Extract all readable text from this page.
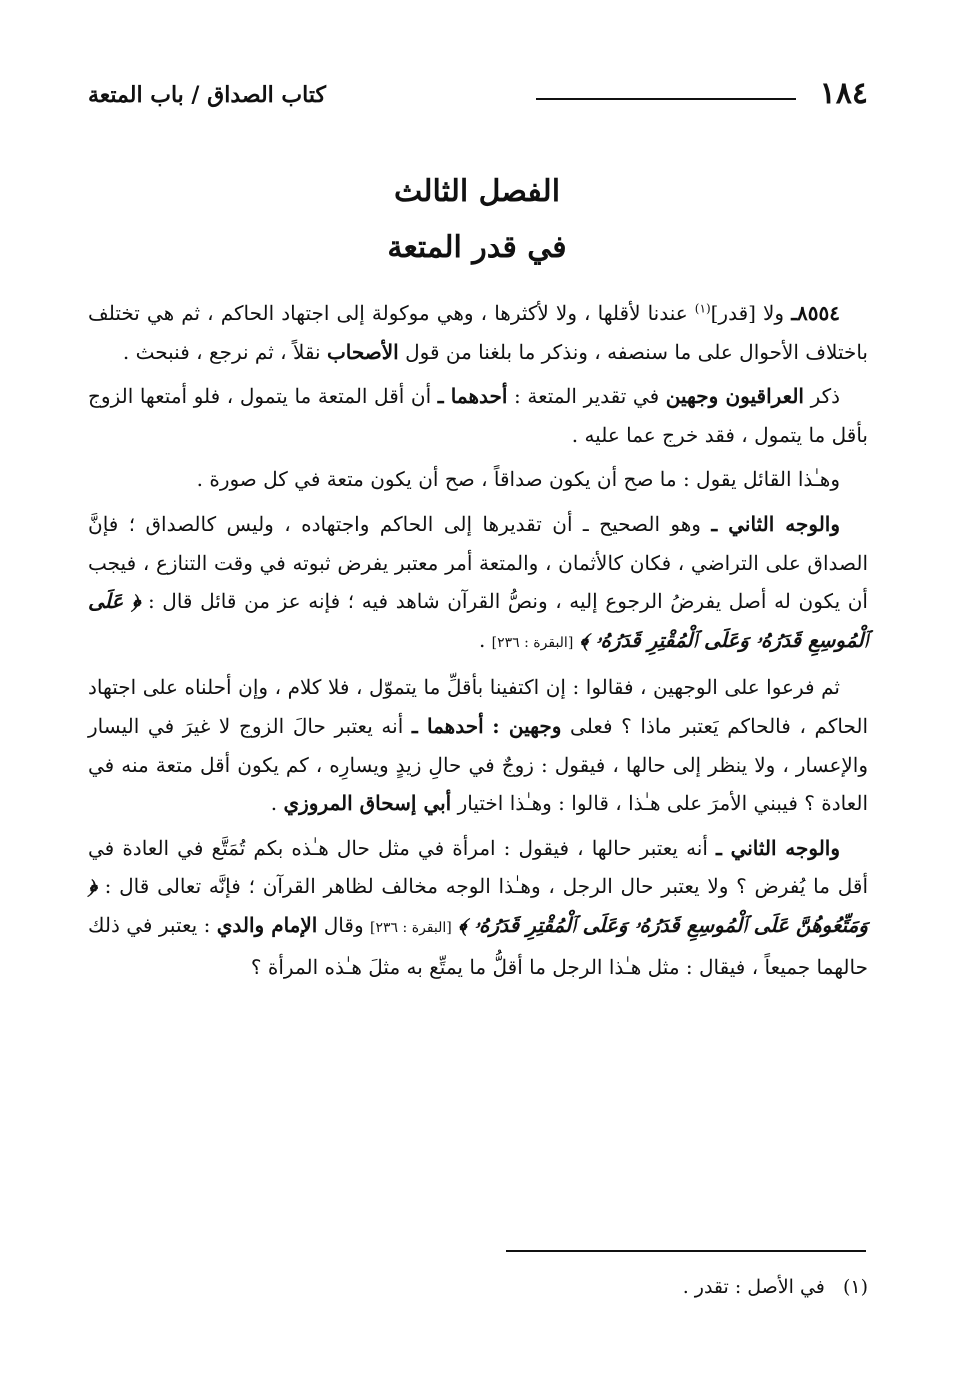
١٨٤
كتاب الصداق / باب المتعة
الفصل الثالث
في قدر المتعة

٨٥٥٤ـ ولا [قدر]$^{(١)}$ عندنا لأقلها ، ولا لأكثرها ، وهي موكولة إلى اجتهاد الحاكم ، ثم هي تختلف باختلاف الأحوال على ما سنصفه ، ونذكر ما بلغنا من قول الأصحاب نقلاً ، ثم نرجع ، فنبحث .

ذكر العراقيون وجهين في تقدير المتعة : أحدهما ـ أن أقل المتعة ما يتمول ، فلو أمتعها الزوج بأقل ما يتمول ، فقد خرج عما عليه .

وهـٰذا القائل يقول : ما صح أن يكون صداقاً ، صح أن يكون متعة في كل صورة .

والوجه الثاني ـ وهو الصحيح ـ أن تقديرها إلى الحاكم واجتهاده ، وليس كالصداق ؛ فإنَّ الصداق على التراضي ، فكان كالأثمان ، والمتعة أمر معتبر يفرض ثبوته في وقت التنازع ، فيجب أن يكون له أصل يفرضُ الرجوع إليه ، ونصُّ القرآن شاهد فيه ؛ فإنه عز من قائل قال : ﴿ عَلَى ٱلْمُوسِعِ قَدَرُهُۥ وَعَلَى ٱلْمُقْتِرِ قَدَرُهُۥ ﴾ [البقرة : ٢٣٦] .

ثم فرعوا على الوجهين ، فقالوا : إن اكتفينا بأقلِّ ما يتموّل ، فلا كلام ، وإن أحلناه على اجتهاد الحاكم ، فالحاكم يَعتبر ماذا ؟ فعلى وجهين : أحدهما ـ أنه يعتبر حالَ الزوج لا غيرَ في اليسار والإعسار ، ولا ينظر إلى حالها ، فيقول : زوجٌ في حالِ زيدٍ ويسارِه ، كم يكون أقل متعة منه في العادة ؟ فيبني الأمرَ على هـٰذا ، قالوا : وهـٰذا اختيار أبي إسحاق المروزي .

والوجه الثاني ـ أنه يعتبر حالها ، فيقول : امرأة في مثل حال هـٰذه بكم تُمَتَّع في العادة في أقل ما يُفرض ؟ ولا يعتبر حال الرجل ، وهـٰذا الوجه مخالف لظاهر القرآن ؛ فإنَّه تعالى قال : ﴿ وَمَتِّعُوهُنَّ عَلَى ٱلْمُوسِعِ قَدَرُهُۥ وَعَلَى ٱلْمُقْتِرِ قَدَرُهُۥ ﴾ [البقرة : ٢٣٦] وقال الإمام والدي : يعتبر في ذلك حالهما جميعاً ، فيقال : مثل هـٰذا الرجل ما أقلُّ ما يمتِّع به مثلَ هـٰذه المرأة ؟

(١) في الأصل : تقدر .
